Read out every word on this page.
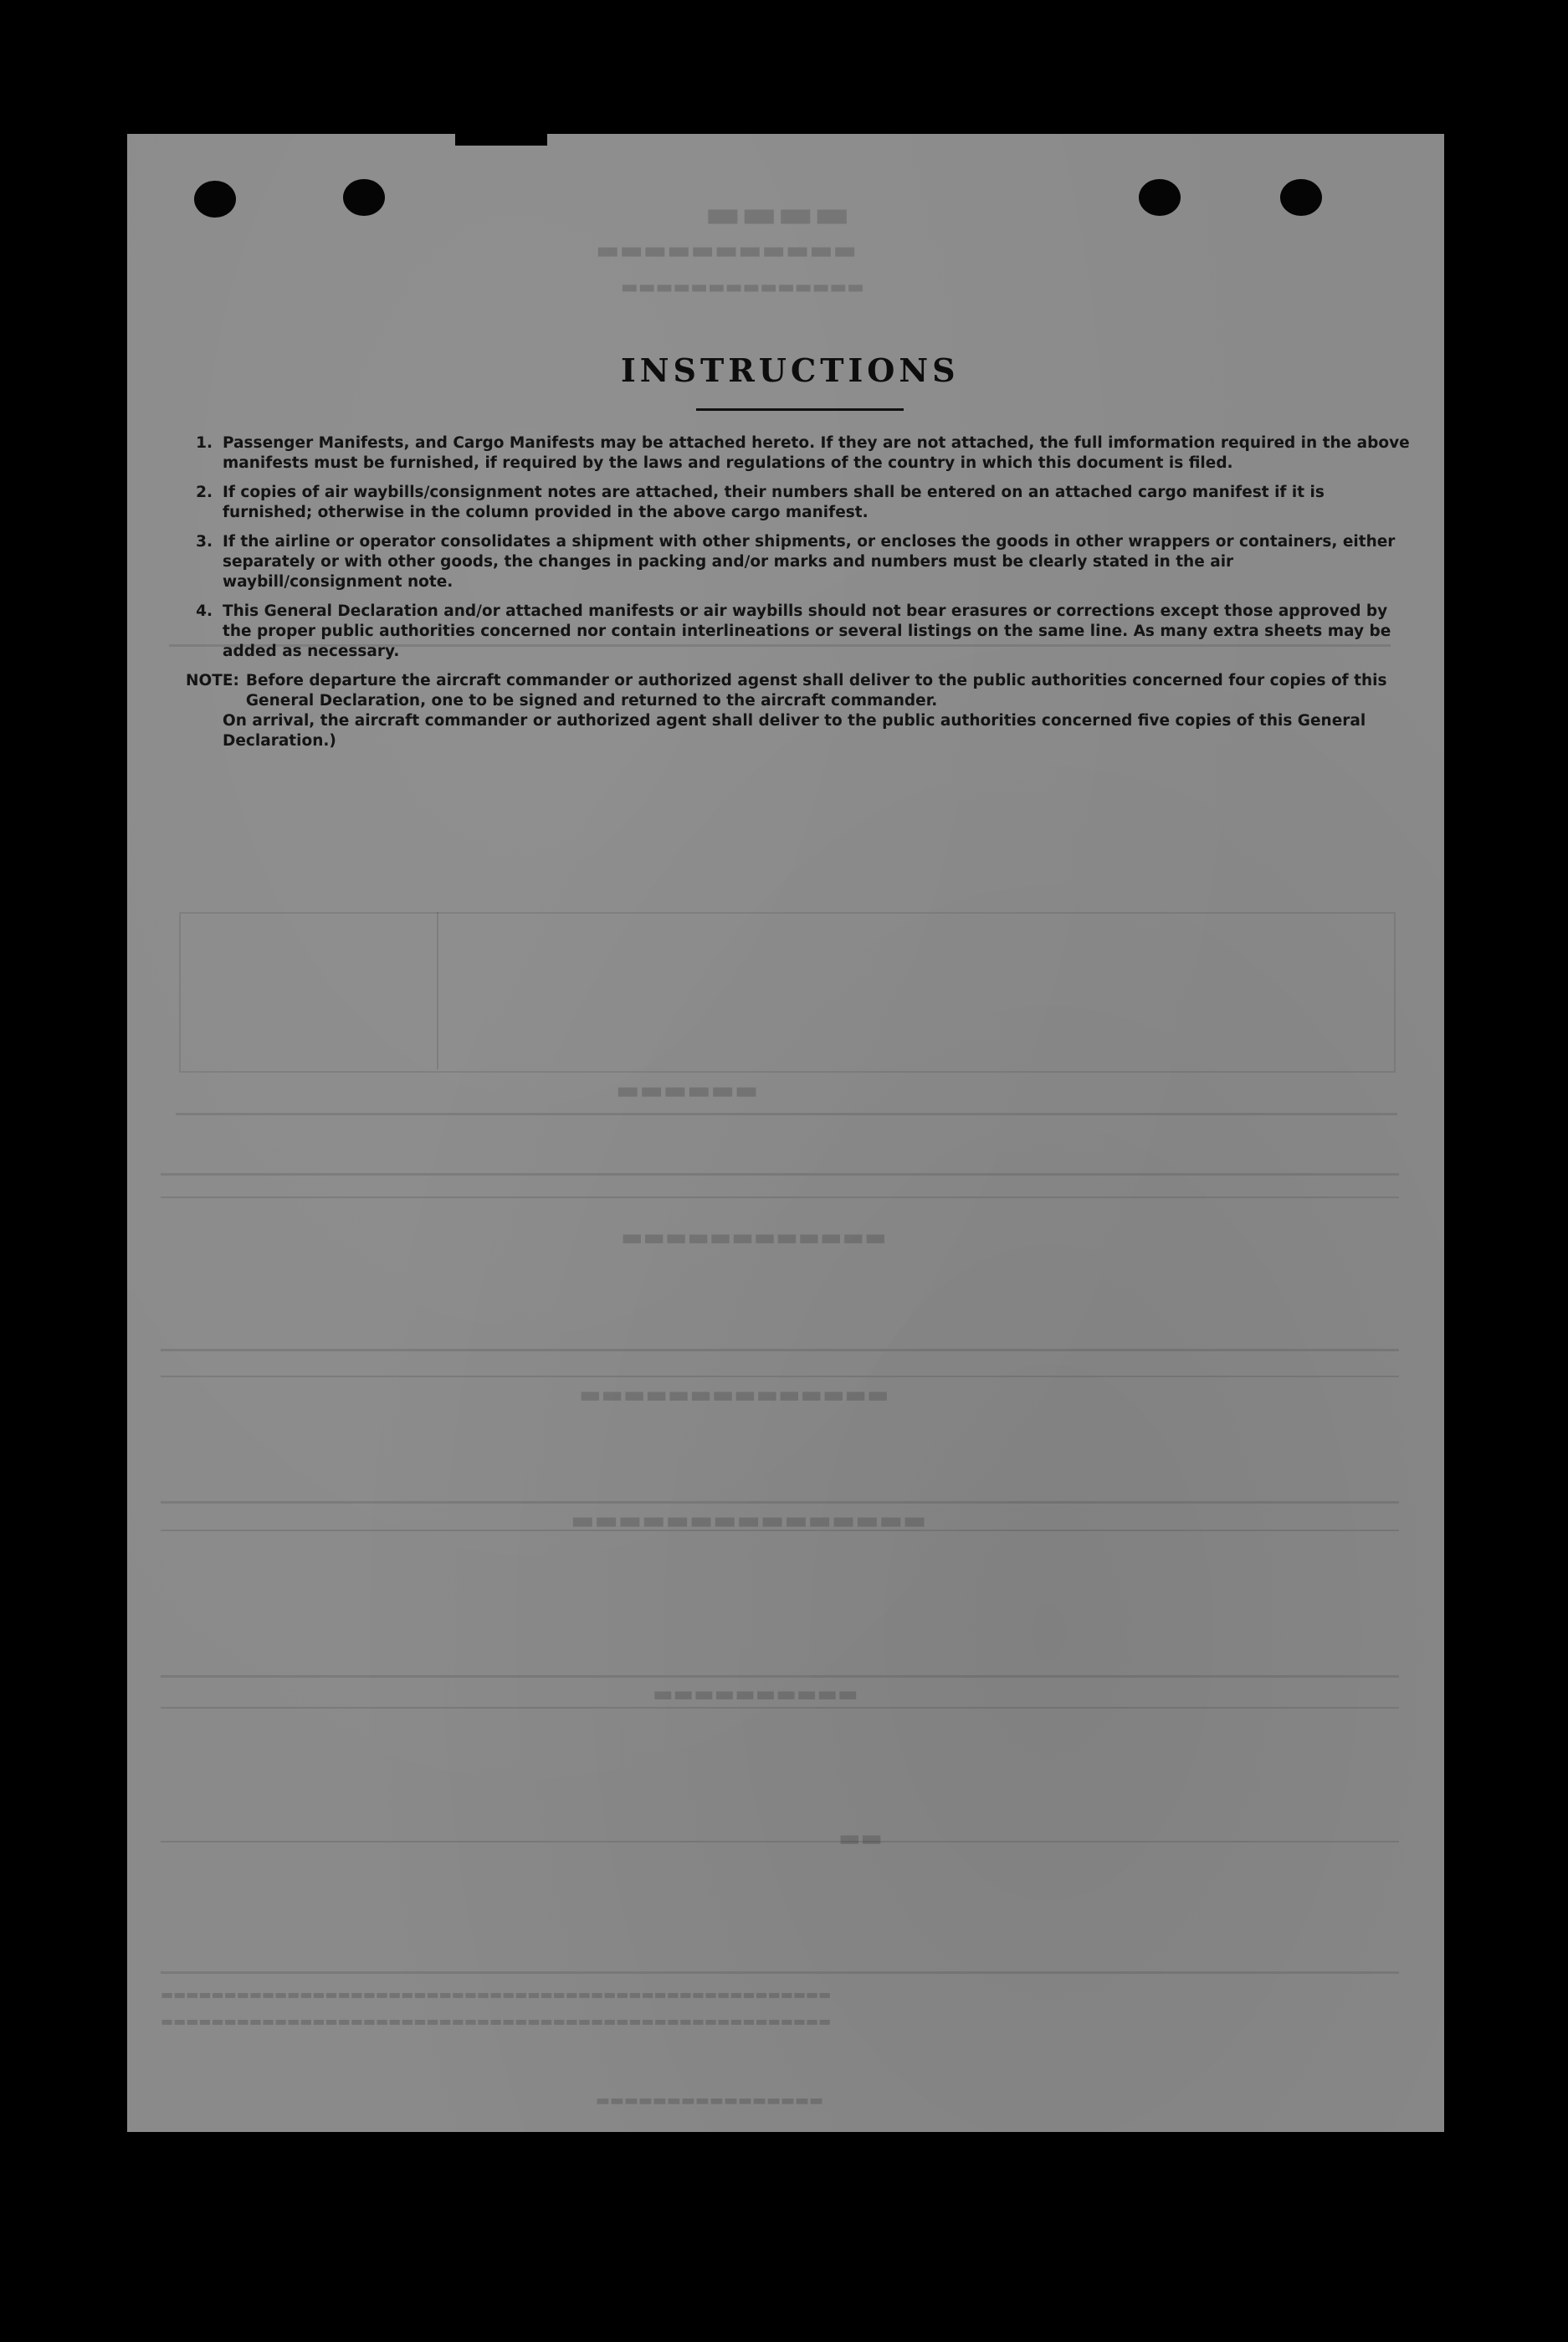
▬▬▬▬
▬▬▬▬▬▬▬▬▬▬▬
▬▬▬▬▬▬▬▬▬▬▬▬▬▬
▬▬▬▬▬▬
▬▬▬▬▬▬▬▬▬▬▬▬
▬▬▬▬▬▬▬▬▬▬▬▬▬▬
▬▬▬▬▬▬▬▬▬▬▬▬▬▬▬
▬▬▬▬▬▬▬▬▬▬
▬▬
▬▬▬▬▬▬▬▬▬▬▬▬▬▬▬▬▬▬▬▬▬▬▬▬▬▬▬▬▬▬▬▬▬▬▬▬▬▬▬▬▬▬▬▬▬▬▬▬▬▬▬▬▬
▬▬▬▬▬▬▬▬▬▬▬▬▬▬▬▬▬▬▬▬▬▬▬▬▬▬▬▬▬▬▬▬▬▬▬▬▬▬▬▬▬▬▬▬▬▬▬▬▬▬▬▬▬
▬▬▬▬▬▬▬▬▬▬▬▬▬▬▬▬
INSTRUCTIONS
1. Passenger Manifests, and Cargo Manifests may be attached hereto. If they are not attached, the full imformation required in the above manifests must be furnished, if required by the laws and regulations of the country in which this document is filed.
2. If copies of air waybills/consignment notes are attached, their numbers shall be entered on an attached cargo manifest if it is furnished; otherwise in the column provided in the above cargo manifest.
3. If the airline or operator consolidates a shipment with other shipments, or encloses the goods in other wrappers or containers, either separately or with other goods, the changes in packing and/or marks and numbers must be clearly stated in the air waybill/consignment note.
4. This General Declaration and/or attached manifests or air waybills should not bear erasures or corrections except those approved by the proper public authorities concerned nor contain interlineations or several listings on the same line. As many extra sheets may be added as necessary.
NOTE: Before departure the aircraft commander or authorized agenst shall deliver to the public authorities concerned four copies of this General Declaration, one to be signed and returned to the aircraft commander.
On arrival, the aircraft commander or authorized agent shall deliver to the public authorities concerned five copies of this General Declaration.)
